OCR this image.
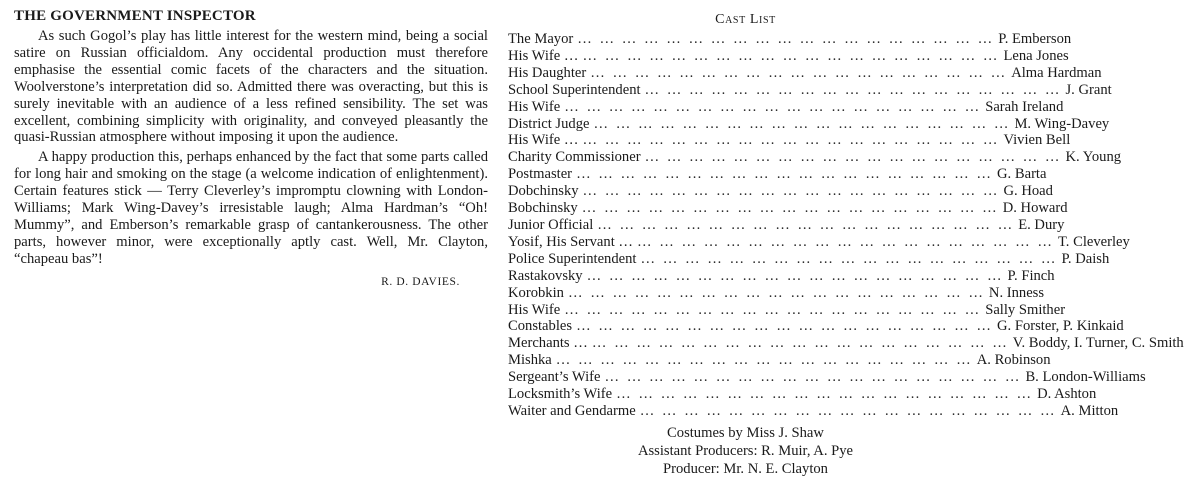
THE GOVERNMENT INSPECTOR

As such Gogol’s play has little interest for the western mind, being a social satire on Russian officialdom. Any occidental production must therefore emphasise the essential comic facets of the characters and the situation. Woolverstone’s interpretation did so. Admitted there was overacting, but this is surely inevitable with an audience of a less refined sensibility. The set was excellent, combining simplicity with originality, and conveyed pleasantly the quasi-Russian atmosphere without imposing it upon the audience.

A happy production this, perhaps enhanced by the fact that some parts called for long hair and smoking on the stage (a welcome indication of enlightenment). Certain features stick — Terry Cleverley’s impromptu clowning with London-Williams; Mark Wing-Davey’s irresistable laugh; Alma Hardman’s “Oh! Mummy”, and Emberson’s remarkable grasp of cantankerousness. The other parts, however minor, were exceptionally aptly cast. Well, Mr. Clayton, “chapeau bas”!

R. D. DAVIES.
Cast List
The Mayor … … … … … … … … … … … … … … … … … … … P. Emberson
His Wife … … … … … … … … … … … … … … … … … … … … Lena Jones
His Daughter … … … … … … … … … … … … … … … … … … … Alma Hardman
School Superintendent … … … … … … … … … … … … … … … … … … … J. Grant
His Wife … … … … … … … … … … … … … … … … … … … Sarah Ireland
District Judge … … … … … … … … … … … … … … … … … … … M. Wing-Davey
His Wife … … … … … … … … … … … … … … … … … … … … Vivien Bell
Charity Commissioner … … … … … … … … … … … … … … … … … … … K. Young
Postmaster … … … … … … … … … … … … … … … … … … … G. Barta
Dobchinsky … … … … … … … … … … … … … … … … … … … G. Hoad
Bobchinsky … … … … … … … … … … … … … … … … … … … D. Howard
Junior Official … … … … … … … … … … … … … … … … … … … E. Dury
Yosif, His Servant … … … … … … … … … … … … … … … … … … … … T. Cleverley
Police Superintendent … … … … … … … … … … … … … … … … … … … P. Daish
Rastakovsky … … … … … … … … … … … … … … … … … … … P. Finch
Korobkin … … … … … … … … … … … … … … … … … … … N. Inness
His Wife … … … … … … … … … … … … … … … … … … … Sally Smither
Constables … … … … … … … … … … … … … … … … … … … G. Forster, P. Kinkaid
Merchants … … … … … … … … … … … … … … … … … … … … V. Boddy, I. Turner, C. Smith
Mishka … … … … … … … … … … … … … … … … … … … A. Robinson
Sergeant’s Wife … … … … … … … … … … … … … … … … … … … B. London-Williams
Locksmith’s Wife … … … … … … … … … … … … … … … … … … … D. Ashton
Waiter and Gendarme … … … … … … … … … … … … … … … … … … … A. Mitton
Costumes by Miss J. Shaw
Assistant Producers: R. Muir, A. Pye
Producer: Mr. N. E. Clayton
